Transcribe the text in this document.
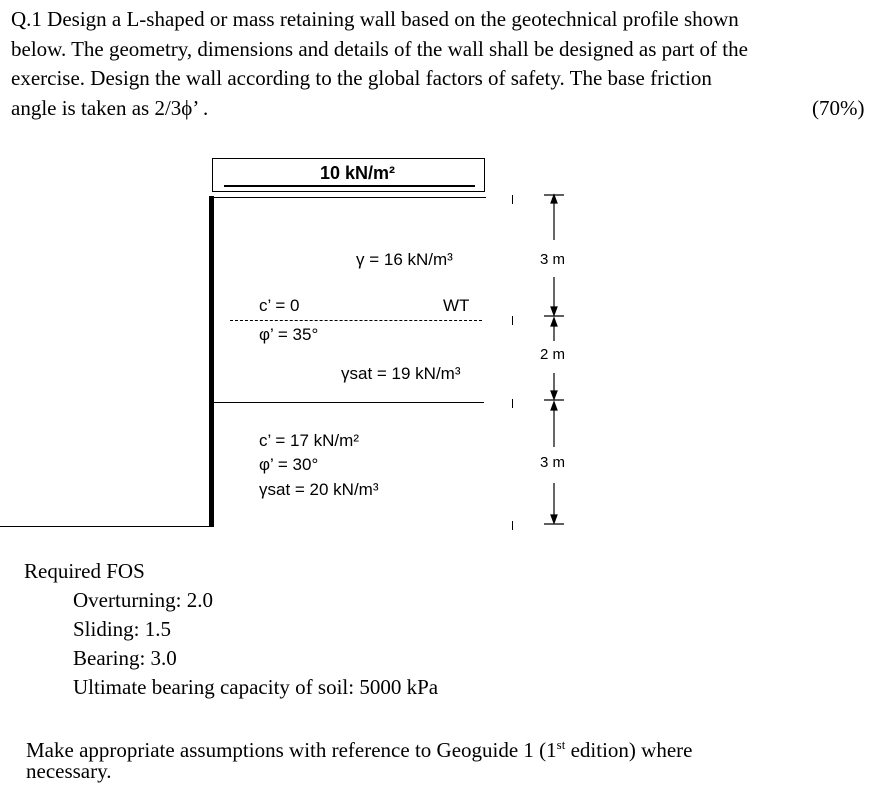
Q.1 Design a L-shaped or mass retaining wall based on the geotechnical profile shown
below. The geometry, dimensions and details of the wall shall be designed as part of the
exercise. Design the wall according to the global factors of safety. The base friction
angle is taken as 2/3ϕ’ .	(70%)
10 kN/m²
γ = 16 kN/m³
c’ = 0	WT
φ’ = 35°
γsat = 19 kN/m³
c’ = 17 kN/m²
φ’ = 30°
γsat = 20 kN/m³
3 m
2 m
3 m
Required FOS
Overturning: 2.0
Sliding: 1.5
Bearing: 3.0
Ultimate bearing capacity of soil: 5000 kPa
Make appropriate assumptions with reference to Geoguide 1 (1st edition) where
necessary.
